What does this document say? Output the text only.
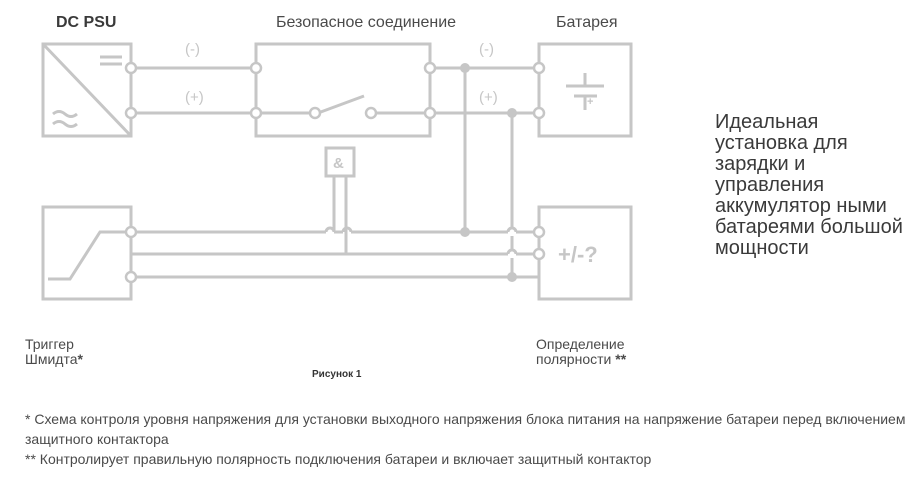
(-)
(+)
(-)
(+)
&
+/-?
+
DC PSU	Безопасное соединение	Батарея
Идеальная установка для зарядки и управления аккумулятор ными батареями большой мощности
Триггер
Шмидта*
Определение
полярности **
Рисунок 1
* Схема контроля уровня напряжения для установки выходного напряжения блока питания на напряжение батареи перед включением защитного контактора
** Контролирует правильную полярность подключения батареи и включает защитный контактор
